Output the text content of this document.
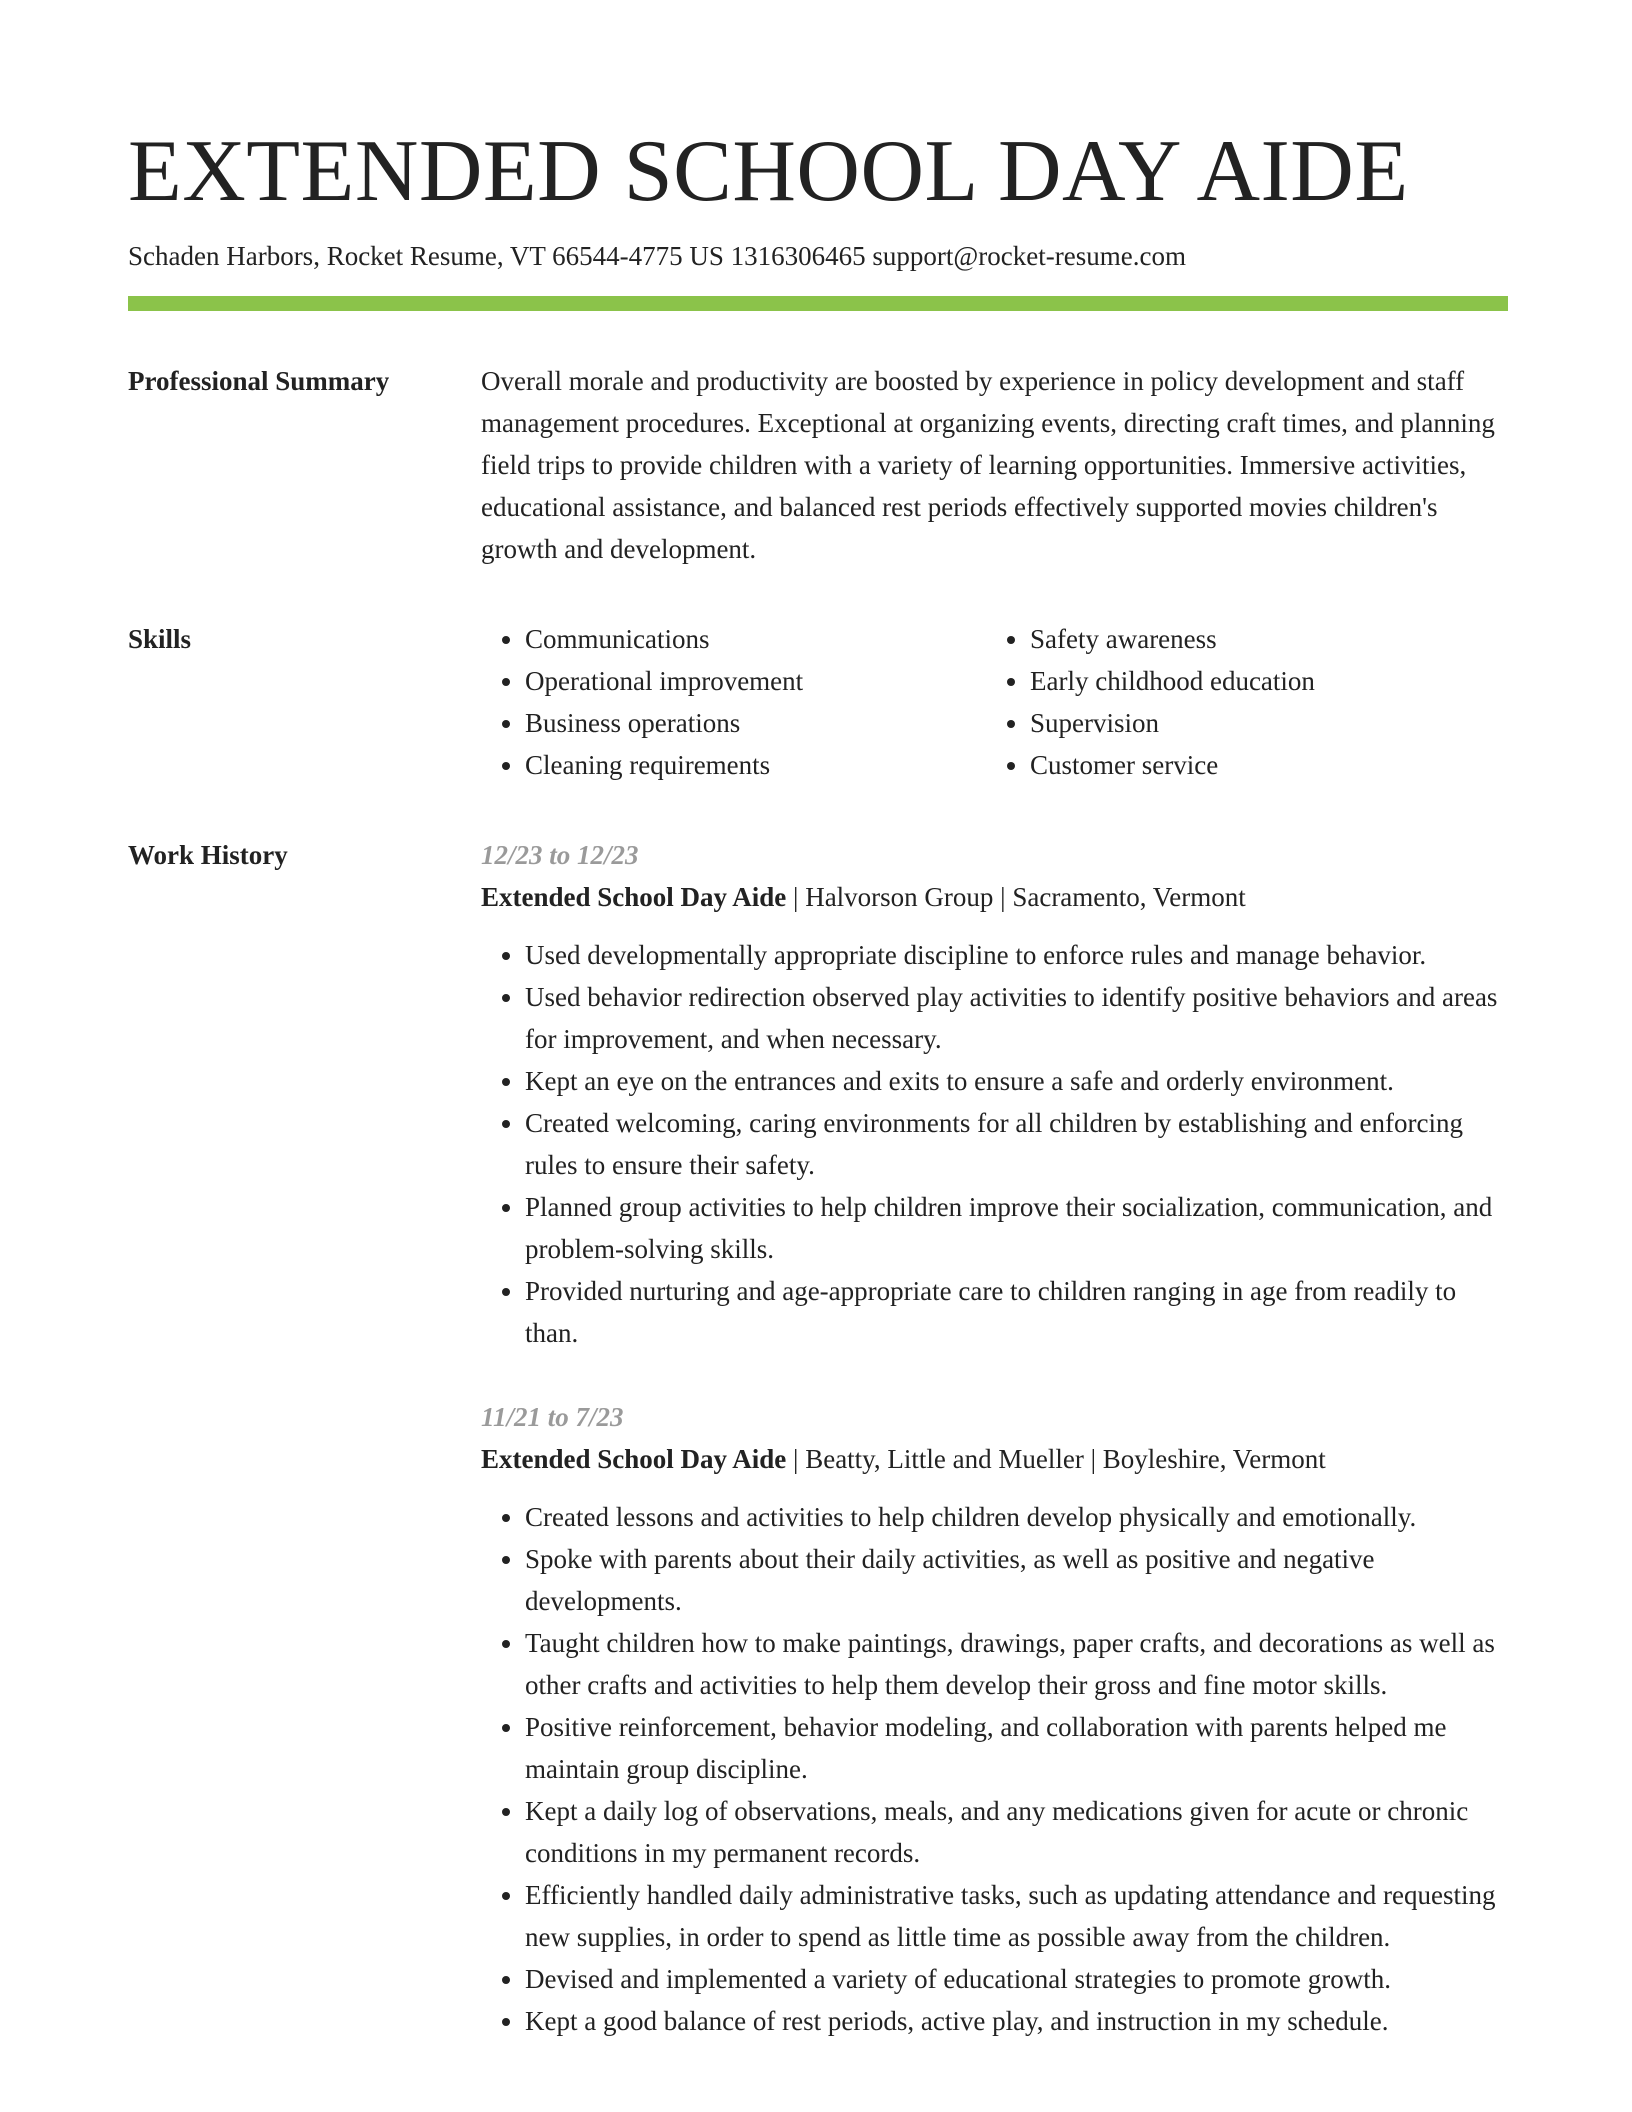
EXTENDED SCHOOL DAY AIDE
Schaden Harbors, Rocket Resume, VT 66544-4775 US 1316306465 support@rocket-resume.com
Professional Summary	Overall morale and productivity are boosted by experience in policy development and staff management procedures. Exceptional at organizing events, directing craft times, and planning field trips to provide children with a variety of learning opportunities. Immersive activities, educational assistance, and balanced rest periods effectively supported movies children's growth and development.

Skills
•	Communications
• Operational improvement
• Business operations
• Cleaning requirements
• Safety awareness
• Early childhood education
• Supervision
• Customer service
Work History	12/23 to 12/23
Extended School Day Aide | Halvorson Group | Sacramento, Vermont
• Used developmentally appropriate discipline to enforce rules and manage behavior.
• Used behavior redirection observed play activities to identify positive behaviors and areas for improvement, and when necessary.
• Kept an eye on the entrances and exits to ensure a safe and orderly environment.
• Created welcoming, caring environments for all children by establishing and enforcing rules to ensure their safety.
• Planned group activities to help children improve their socialization, communication, and problem-solving skills.
• Provided nurturing and age-appropriate care to children ranging in age from readily to than.
11/21 to 7/23
Extended School Day Aide | Beatty, Little and Mueller | Boyleshire, Vermont
• Created lessons and activities to help children develop physically and emotionally.
• Spoke with parents about their daily activities, as well as positive and negative developments.
• Taught children how to make paintings, drawings, paper crafts, and decorations as well as other crafts and activities to help them develop their gross and fine motor skills.
• Positive reinforcement, behavior modeling, and collaboration with parents helped me maintain group discipline.
• Kept a daily log of observations, meals, and any medications given for acute or chronic conditions in my permanent records.
• Efficiently handled daily administrative tasks, such as updating attendance and requesting new supplies, in order to spend as little time as possible away from the children.
• Devised and implemented a variety of educational strategies to promote growth.
• Kept a good balance of rest periods, active play, and instruction in my schedule.
